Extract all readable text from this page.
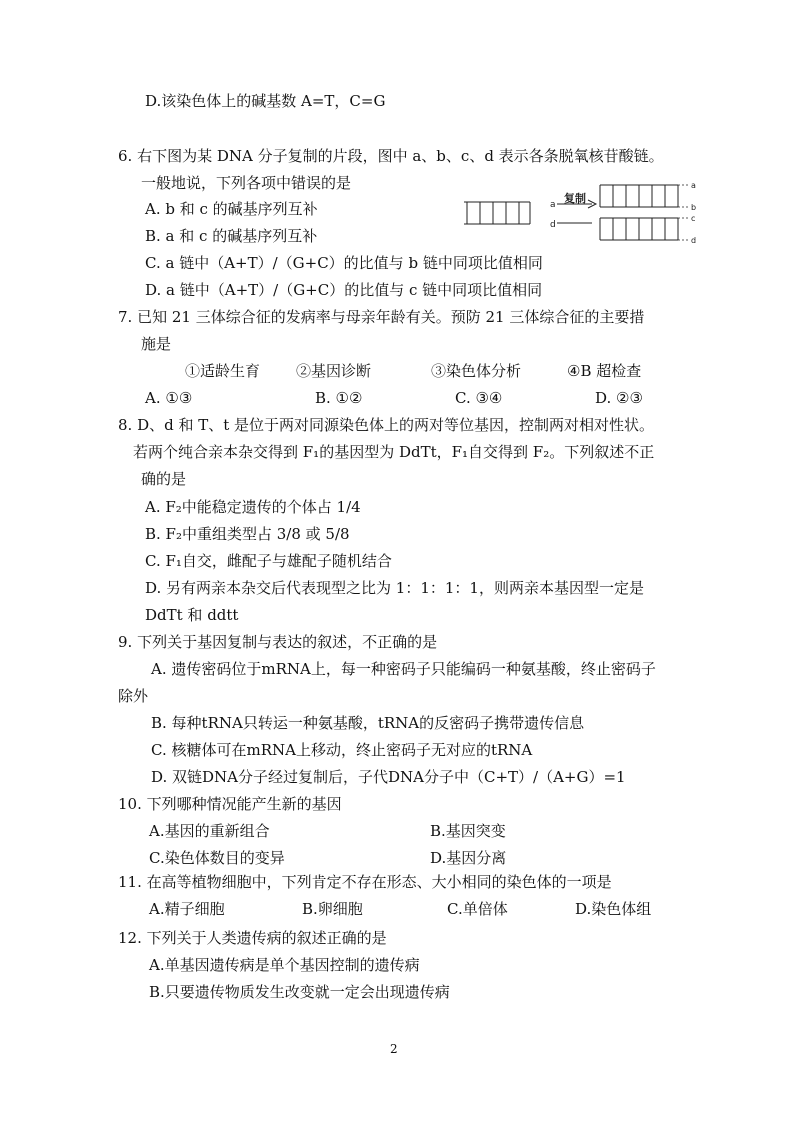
D.该染色体上的碱基数 A=T，C=G
6. 右下图为某 DNA 分子复制的片段，图中 a、b、c、d 表示各条脱氧核苷酸链。
一般地说，下列各项中错误的是
A. b 和 c 的碱基序列互补
B. a 和 c 的碱基序列互补
C. a 链中（A+T）/（G+C）的比值与 b 链中同项比值相同
D. a 链中（A+T）/（G+C）的比值与 c 链中同项比值相同
7. 已知 21 三体综合征的发病率与母亲年龄有关。预防 21 三体综合征的主要措
施是
①适龄生育 ②基因诊断	③染色体分析	④B 超检查
A. ①③	B. ①②	C. ③④	D. ②③
8. D、d 和 T、t 是位于两对同源染色体上的两对等位基因，控制两对相对性状。
若两个纯合亲本杂交得到 F₁的基因型为 DdTt，F₁自交得到 F₂。下列叙述不正
确的是
A. F₂中能稳定遗传的个体占 1/4
B. F₂中重组类型占 3/8 或 5/8
C. F₁自交，雌配子与雄配子随机结合
D. 另有两亲本杂交后代表现型之比为 1：1：1：1，则两亲本基因型一定是
DdTt 和 ddtt
9. 下列关于基因复制与表达的叙述，不正确的是
A. 遗传密码位于mRNA上，每一种密码子只能编码一种氨基酸，终止密码子
除外
B. 每种tRNA只转运一种氨基酸，tRNA的反密码子携带遗传信息
C. 核糖体可在mRNA上移动，终止密码子无对应的tRNA
D. 双链DNA分子经过复制后，子代DNA分子中（C+T）/（A+G）=1
10. 下列哪种情况能产生新的基因
A.基因的重新组合	B.基因突变
C.染色体数目的变异	D.基因分离
11. 在高等植物细胞中，下列肯定不存在形态、大小相同的染色体的一项是
A.精子细胞	B.卵细胞	C.单倍体	D.染色体组
12. 下列关于人类遗传病的叙述正确的是
A.单基因遗传病是单个基因控制的遗传病
B.只要遗传物质发生改变就一定会出现遗传病
a
d
复制
a
b
c
d
2
